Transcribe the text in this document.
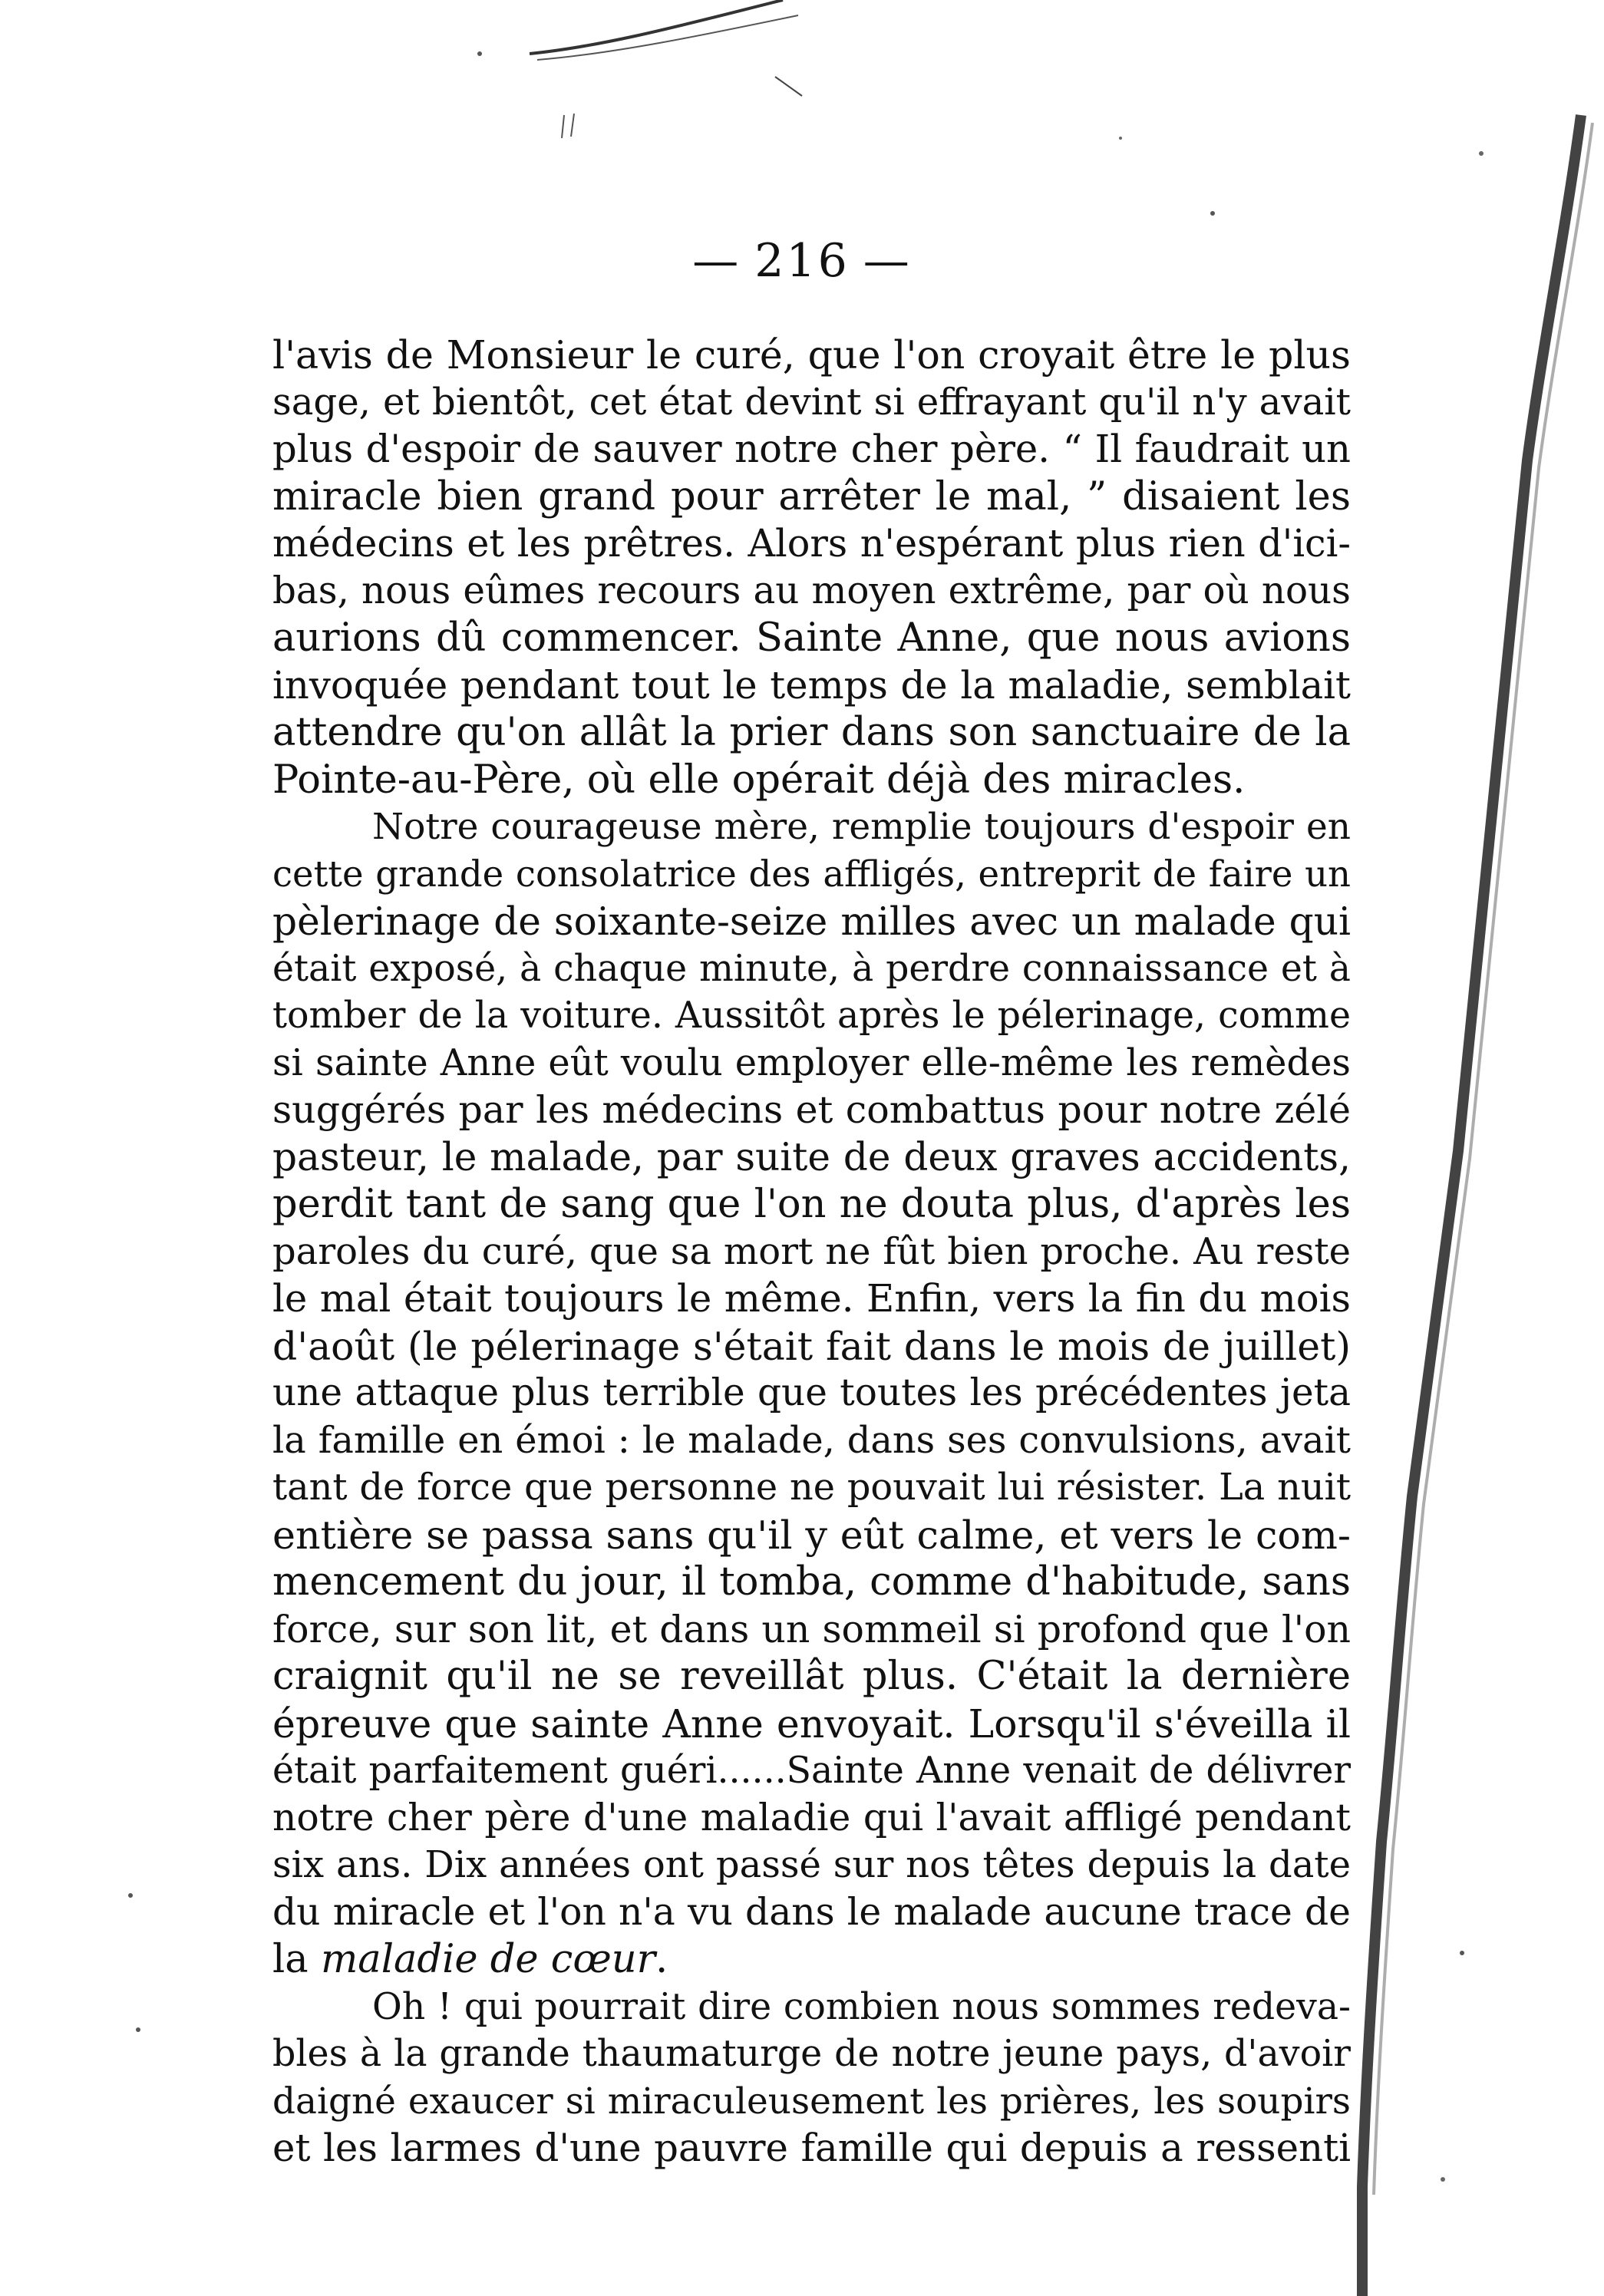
— 216 —
l'avis de Monsieur le curé, que l'on croyait être le plus
sage, et bientôt, cet état devint si effrayant qu'il n'y avait
plus d'espoir de sauver notre cher père. “ Il faudrait un
miracle bien grand pour arrêter le mal, ” disaient les
médecins et les prêtres. Alors n'espérant plus rien d'ici-
bas, nous eûmes recours au moyen extrême, par où nous
aurions dû commencer. Sainte Anne, que nous avions
invoquée pendant tout le temps de la maladie, semblait
attendre qu'on allât la prier dans son sanctuaire de la
Pointe-au-Père, où elle opérait déjà des miracles.
Notre courageuse mère, remplie toujours d'espoir en
cette grande consolatrice des affligés, entreprit de faire un
pèlerinage de soixante-seize milles avec un malade qui
était exposé, à chaque minute, à perdre connaissance et à
tomber de la voiture. Aussitôt après le pélerinage, comme
si sainte Anne eût voulu employer elle-même les remèdes
suggérés par les médecins et combattus pour notre zélé
pasteur, le malade, par suite de deux graves accidents,
perdit tant de sang que l'on ne douta plus, d'après les
paroles du curé, que sa mort ne fût bien proche. Au reste
le mal était toujours le même. Enfin, vers la fin du mois
d'août (le pélerinage s'était fait dans le mois de juillet)
une attaque plus terrible que toutes les précédentes jeta
la famille en émoi : le malade, dans ses convulsions, avait
tant de force que personne ne pouvait lui résister. La nuit
entière se passa sans qu'il y eût calme, et vers le com-
mencement du jour, il tomba, comme d'habitude, sans
force, sur son lit, et dans un sommeil si profond que l'on
craignit qu'il ne se reveillât plus. C'était la dernière
épreuve que sainte Anne envoyait. Lorsqu'il s'éveilla il
était parfaitement guéri......Sainte Anne venait de délivrer
notre cher père d'une maladie qui l'avait affligé pendant
six ans. Dix années ont passé sur nos têtes depuis la date
du miracle et l'on n'a vu dans le malade aucune trace de
la maladie de cœur.
Oh ! qui pourrait dire combien nous sommes redeva-
bles à la grande thaumaturge de notre jeune pays, d'avoir
daigné exaucer si miraculeusement les prières, les soupirs
et les larmes d'une pauvre famille qui depuis a ressenti
